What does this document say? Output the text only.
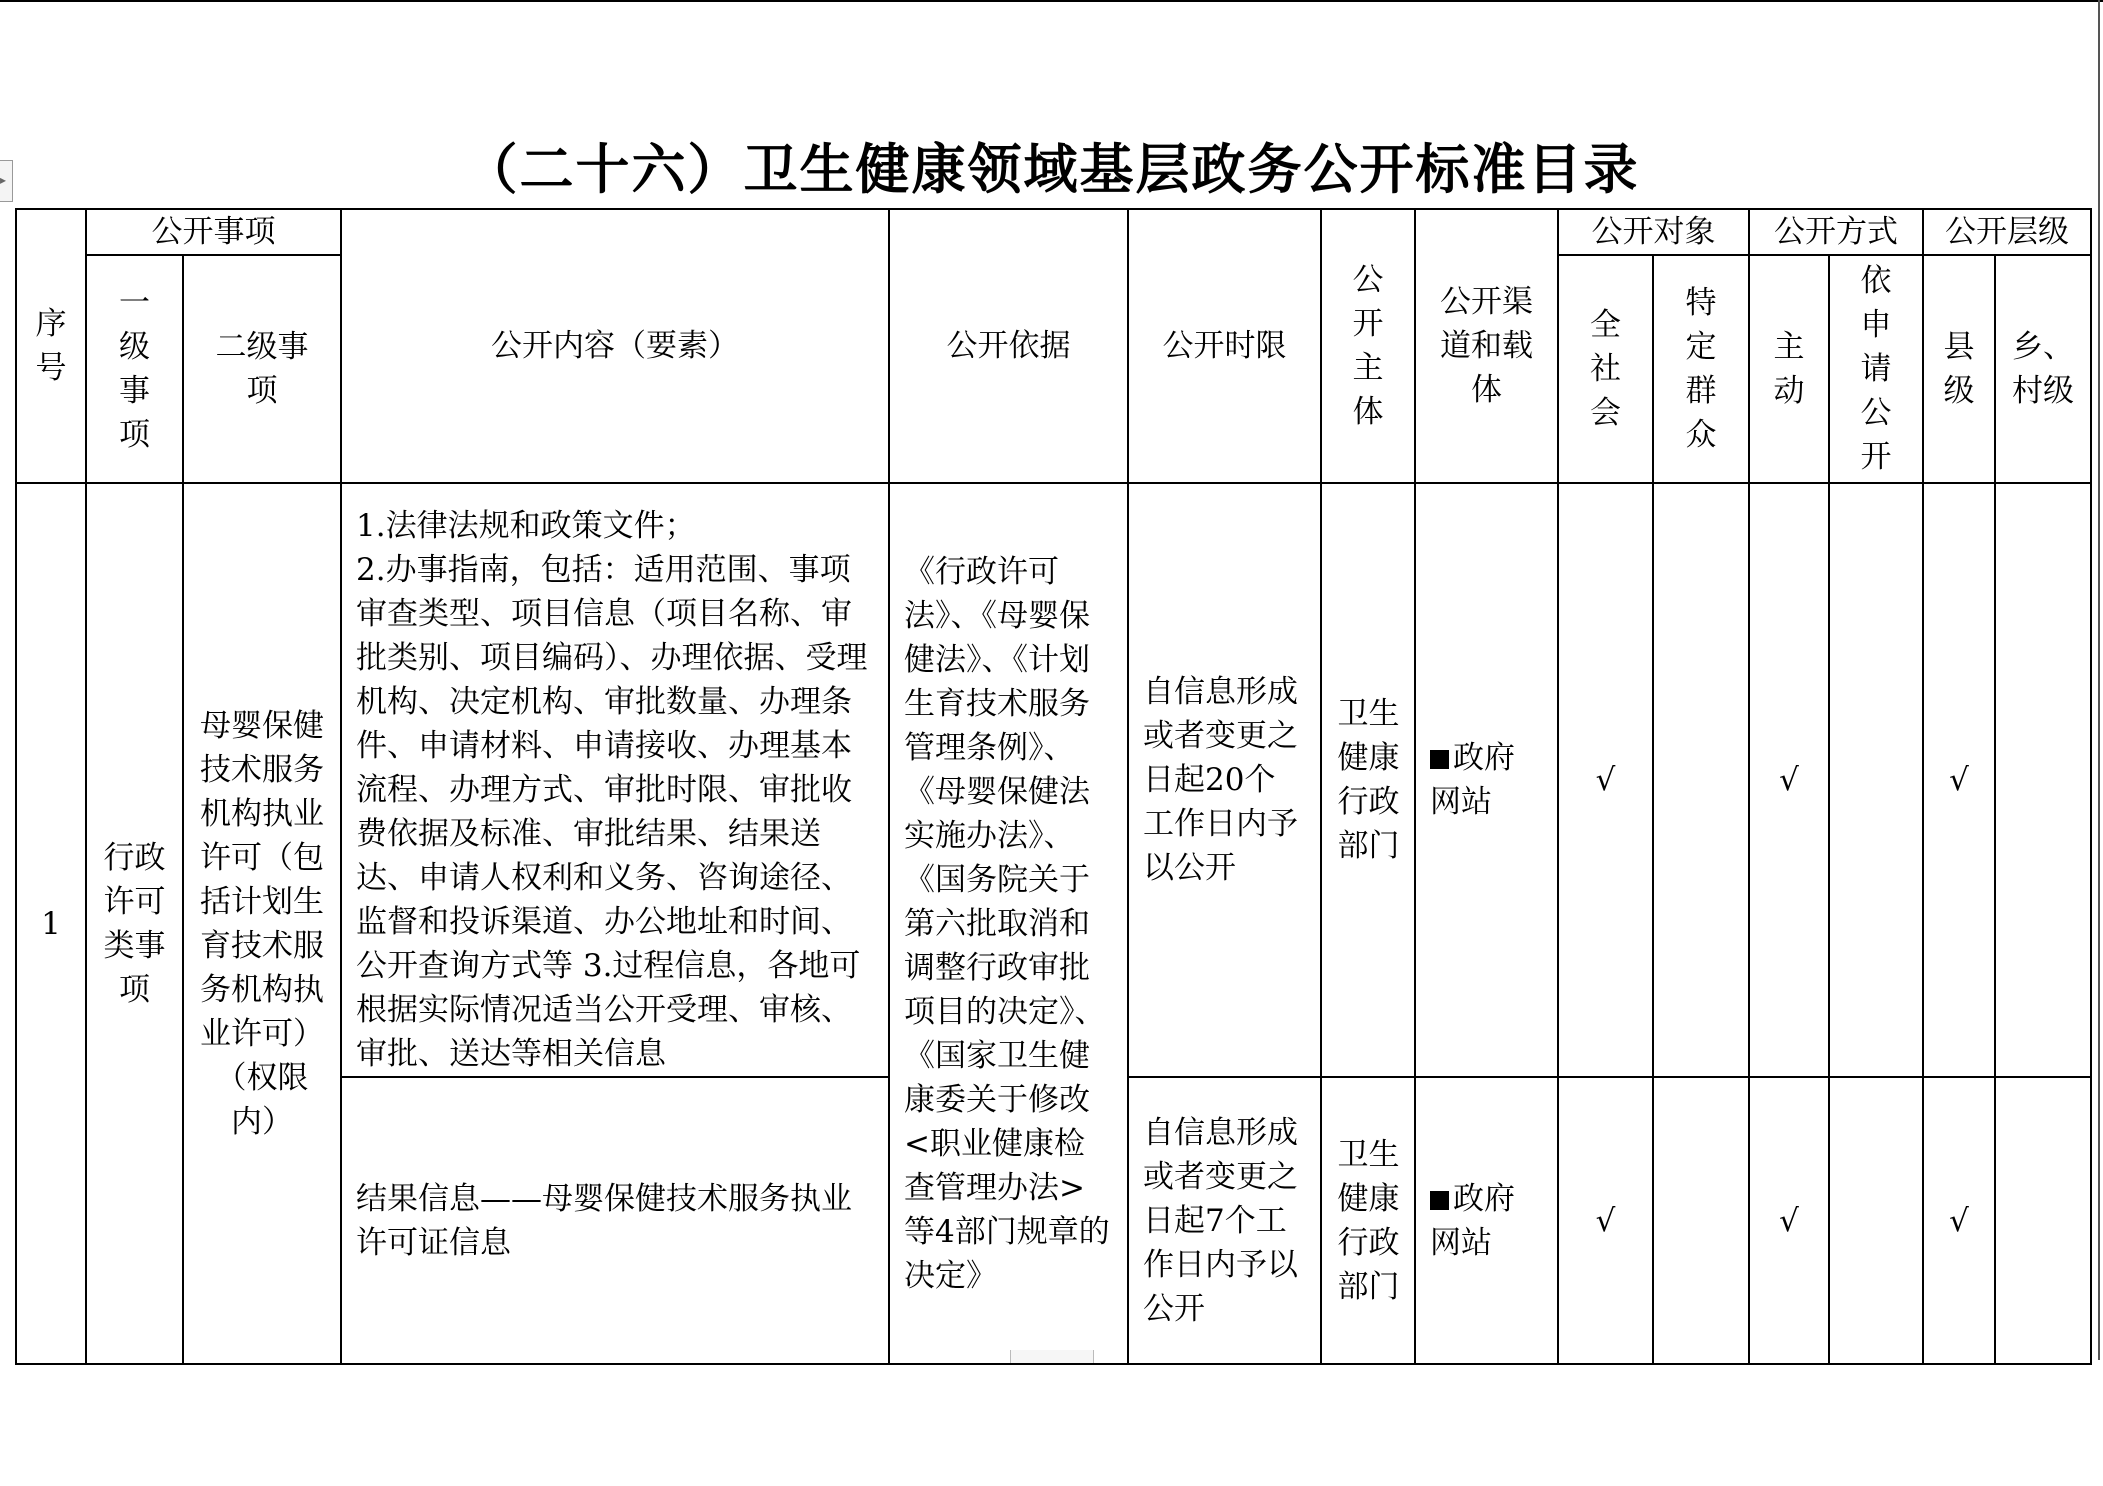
▸	（二十六）卫生健康领域基层政务公开标准目录
序号	公开事项		公开内容（要素）	公开依据	公开时限	公开主体	公开渠道和载体	公开对象		公开方式		公开层级	
	一级事项	二级事项						全社会	特定群众	主动	依申请公开	县级	乡、村级
1	行政许可类事项	母婴保健技术服务机构执业许可（包括计划生育技术服务机构执业许可）（权限内）	1.法律法规和政策文件；
2.办事指南，包括：适用范围、事项审查类型、项目信息（项目名称、审批类别、项目编码）、办理依据、受理机构、决定机构、审批数量、办理条件、申请材料、申请接收、办理基本流程、办理方式、审批时限、审批收费依据及标准、审批结果、结果送达、申请人权利和义务、咨询途径、监督和投诉渠道、办公地址和时间、公开查询方式等 3.过程信息，各地可根据实际情况适当公开受理、审核、审批、送达等相关信息	《行政许可法》、《母婴保健法》、《计划生育技术服务管理条例》、《母婴保健法实施办法》、《国务院关于第六批取消和调整行政审批项目的决定》、《国家卫生健康委关于修改<职业健康检查管理办法>等4部门规章的决定》	自信息形成或者变更之日起20个工作日内予以公开	卫生健康行政部门	政府网站	√		√		√	

			结果信息——母婴保健技术服务执业许可证信息		自信息形成或者变更之日起7个工作日内予以公开	卫生健康行政部门	政府网站	√		√		√	
